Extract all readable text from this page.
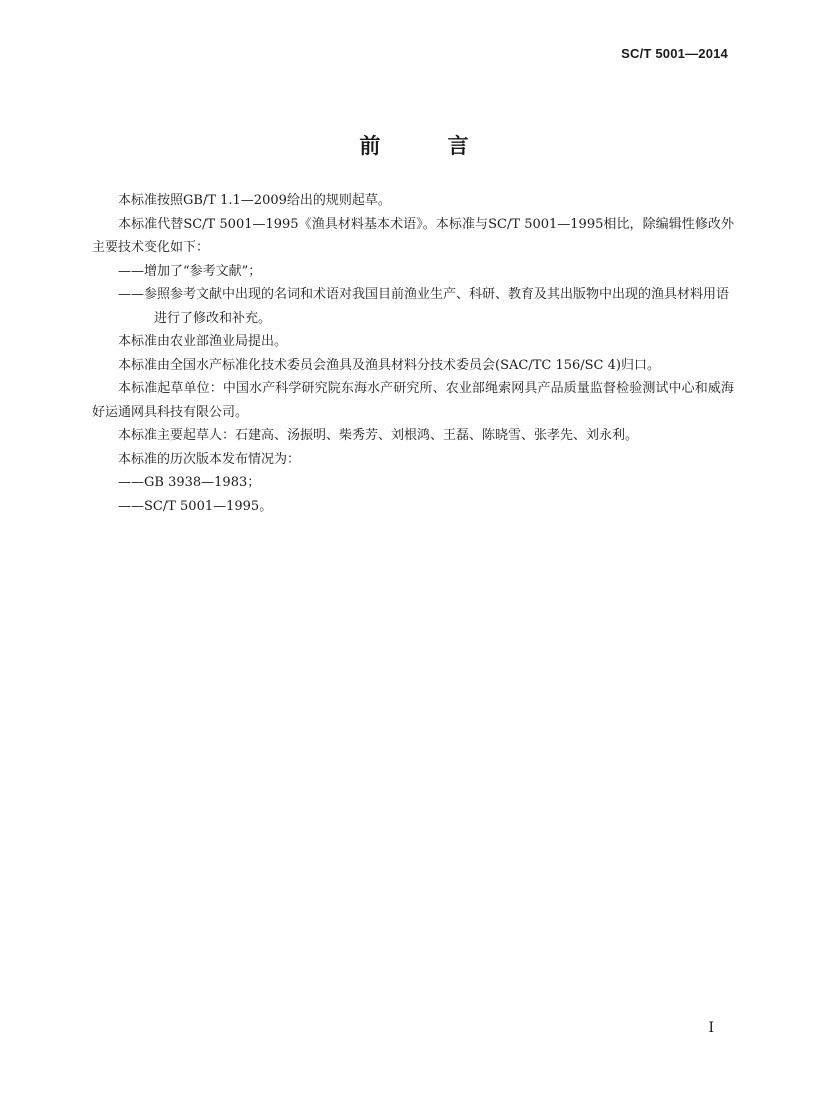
SC/T 5001—2014
前 言

本标准按照GB/T 1.1—2009给出的规则起草。

本标准代替SC/T 5001—1995《渔具材料基本术语》。本标准与SC/T 5001—1995相比，除编辑性修改外主要技术变化如下：

——增加了“参考文献”；

——参照参考文献中出现的名词和术语对我国目前渔业生产、科研、教育及其出版物中出现的渔具材料用语进行了修改和补充。

本标准由农业部渔业局提出。

本标准由全国水产标准化技术委员会渔具及渔具材料分技术委员会(SAC/TC 156/SC 4)归口。

本标准起草单位：中国水产科学研究院东海水产研究所、农业部绳索网具产品质量监督检验测试中心和威海好运通网具科技有限公司。

本标准主要起草人：石建高、汤振明、柴秀芳、刘根鸿、王磊、陈晓雪、张孝先、刘永利。

本标准的历次版本发布情况为：

——GB 3938—1983；

——SC/T 5001—1995。

I
